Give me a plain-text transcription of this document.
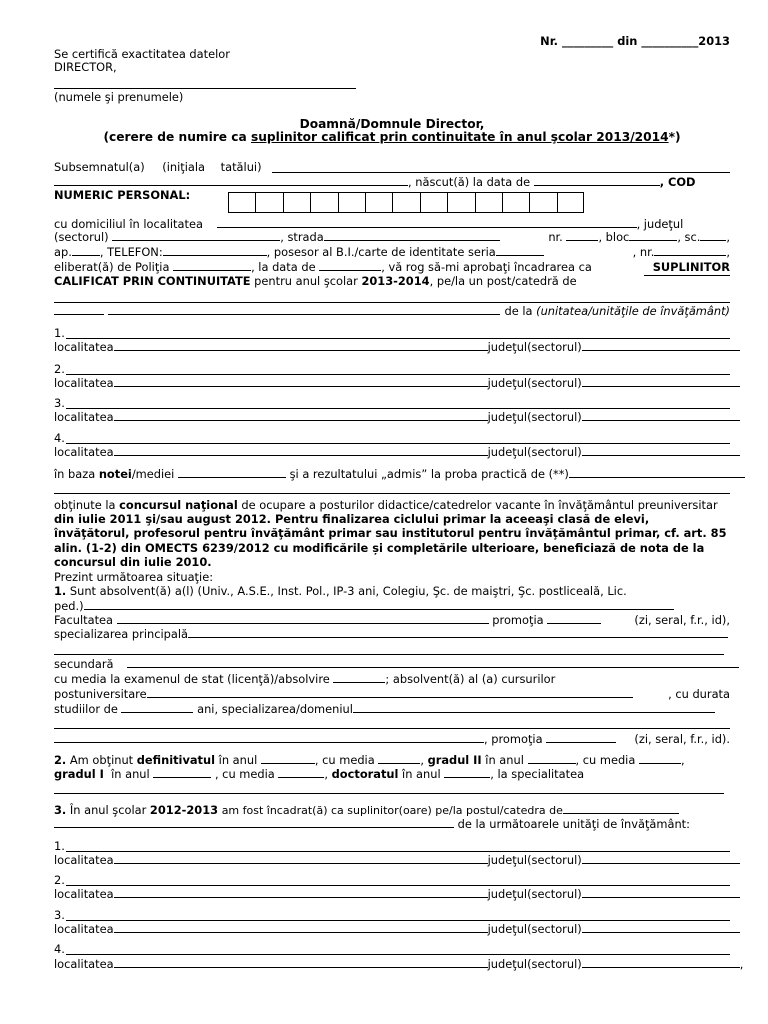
Nr. _________ din __________2013
Se certifică exactitatea datelor
DIRECTOR,
(numele şi prenumele)
Doamnă/Domnule Director,
(cerere de numire ca suplinitor calificat prin continuitate în anul şcolar 2013/2014*)
Subsemnatul(a) (iniţiala tatălui)
, născut(ă) la data de	, COD
NUMERIC PERSONAL:
cu domiciliul în localitatea	, judeţul
(sectorul)	, strada	nr.	, bloc	, sc. ,
ap. , TELEFON:	, posesor al B.I./carte de identitate seria	, nr.	,
eliberat(ă) de Poliţia	, la data de	, vă rog să-mi aprobaţi încadrarea ca	SUPLINITOR
CALIFICAT PRIN CONTINUITATE pentru anul şcolar 2013-2014, pe/la un post/catedră de

de la (unitatea/unităţile de învăţământ)
1.
localitatea	judeţul(sectorul)
2.
localitatea	judeţul(sectorul)
3.
localitatea	judeţul(sectorul)
4.
localitatea	judeţul(sectorul)
în baza notei/mediei	şi a rezultatului „admis” la proba practică de (**)
obţinute la concursul naţional de ocupare a posturilor didactice/catedrelor vacante în învăţământul preuniversitar
din iulie 2011 şi/sau august 2012. Pentru finalizarea ciclului primar la aceeaşi clasă de elevi,
învăţătorul, profesorul pentru învăţământ primar sau institutorul pentru învăţământul primar, cf. art. 85
alin. (1-2) din OMECTS 6239/2012 cu modificările și completările ulterioare, beneficiază de nota de la
concursul din iulie 2010.
Prezint următoarea situaţie:
1. Sunt absolvent(ă) a(l) (Univ., A.S.E., Inst. Pol., IP-3 ani, Colegiu, Şc. de maiştri, Şc. postliceală, Lic.
ped.)
Facultatea	promoţia	(zi, seral, f.r., id),
specializarea principală
secundară
cu media la examenul de stat (licenţă)/absolvire	; absolvent(ă) al (a) cursurilor
postuniversitare	, cu durata
studiilor de	ani, specializarea/domeniul
, promoţia	(zi, seral, f.r., id).
2. Am obţinut definitivatul în anul	, cu media	, gradul II în anul	, cu media	,
gradul I în anul	, cu media	, doctoratul în anul	, la specialitatea
3. În anul şcolar 2012-2013 am fost încadrat(ă) ca suplinitor(oare) pe/la postul/catedra de
de la următoarele unităţi de învăţământ:
1.
localitatea	judeţul(sectorul)
2.
localitatea	judeţul(sectorul)
3.
localitatea	judeţul(sectorul)
4.
localitatea	judeţul(sectorul)	,
